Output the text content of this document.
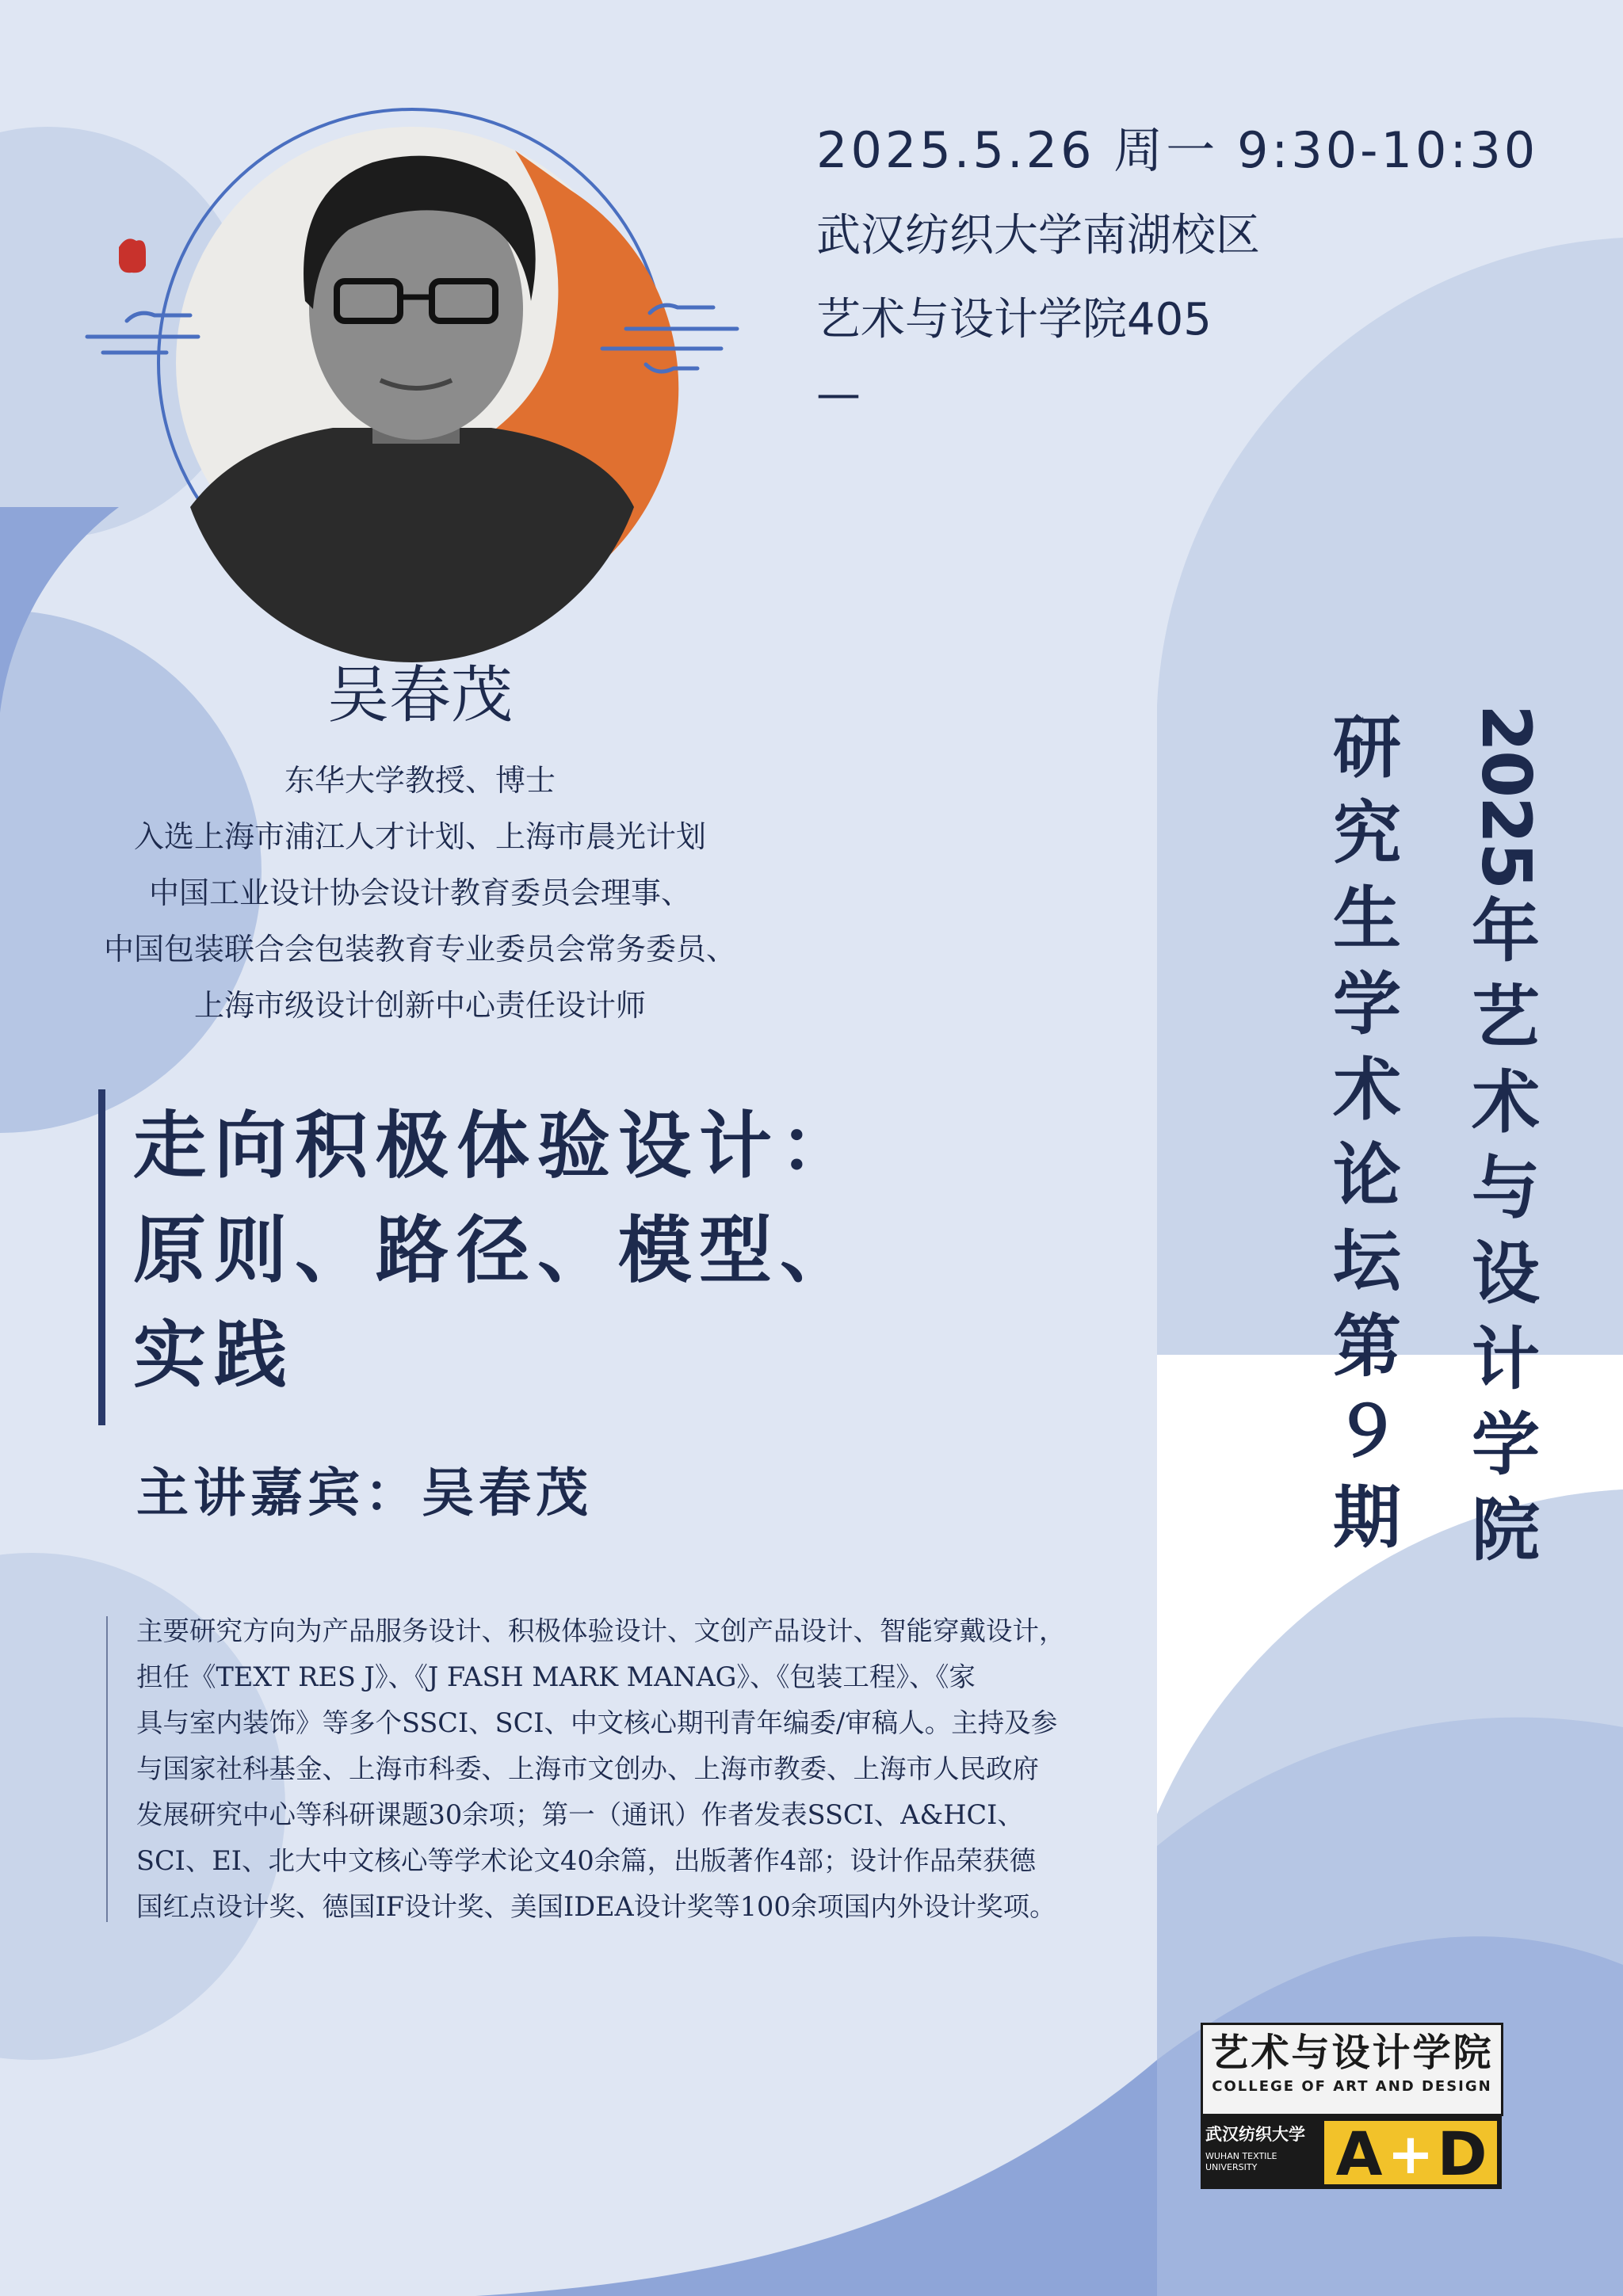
2025.5.26 周一 9:30-10:30
武汉纺织大学南湖校区
艺术与设计学院405
—
2
0
2
5
年
艺
术
与
设
计
学
院
研
究
生
学
术
论
坛
第
９
期
吴春茂
东华大学教授、博士
入选上海市浦江人才计划、上海市晨光计划
中国工业设计协会设计教育委员会理事、
中国包装联合会包装教育专业委员会常务委员、
上海市级设计创新中心责任设计师
走向积极体验设计：
原则、路径、模型、
实践
主讲嘉宾：吴春茂
主要研究方向为产品服务设计、积极体验设计、文创产品设计、智能穿戴设计，
担任《TEXT RES J》、《J FASH MARK MANAG》、《包装工程》、《家
具与室内装饰》等多个SSCI、SCI、中文核心期刊青年编委/审稿人。主持及参
与国家社科基金、上海市科委、上海市文创办、上海市教委、上海市人民政府
发展研究中心等科研课题30余项；第一（通讯）作者发表SSCI、A&HCI、
SCI、EI、北大中文核心等学术论文40余篇，出版著作4部；设计作品荣获德
国红点设计奖、德国IF设计奖、美国IDEA设计奖等100余项国内外设计奖项。
艺术与设计学院
COLLEGE OF ART AND DESIGN
武汉纺织大学
WUHAN TEXTILE UNIVERSITY	A + D
